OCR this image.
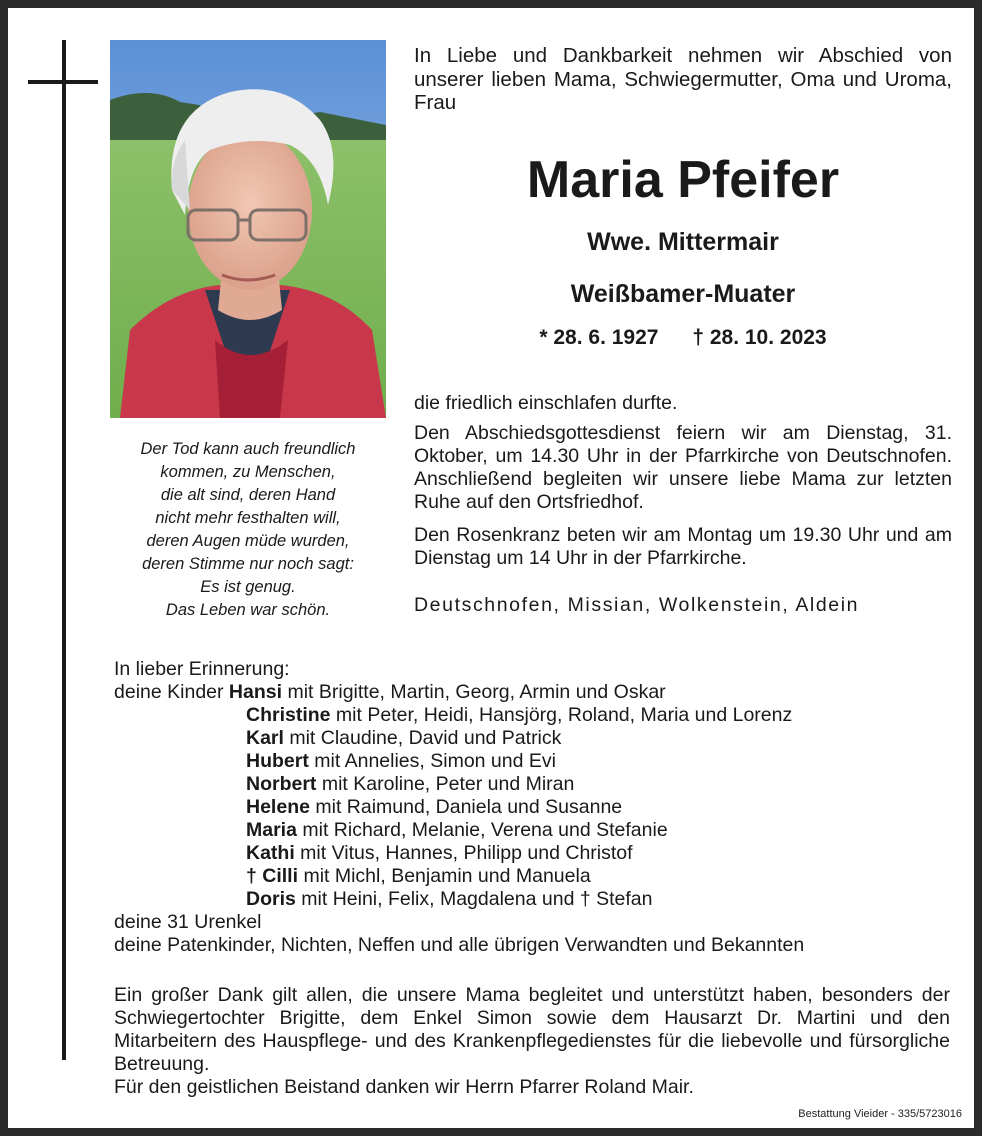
Der Tod kann auch freundlich
kommen, zu Menschen,
die alt sind, deren Hand
nicht mehr festhalten will,
deren Augen müde wurden,
deren Stimme nur noch sagt:
Es ist genug.
Das Leben war schön.
In Liebe und Dankbarkeit nehmen wir Abschied von unserer lieben Mama, Schwiegermutter, Oma und Uroma, Frau
Maria Pfeifer
Wwe. Mittermair
Weißbamer-Muater
* 28. 6. 1927 † 28. 10. 2023
die friedlich einschlafen durfte.
Den Abschiedsgottesdienst feiern wir am Dienstag, 31. Oktober, um 14.30 Uhr in der Pfarrkirche von Deutschnofen. Anschließend begleiten wir unsere liebe Mama zur letzten Ruhe auf den Ortsfriedhof.
Den Rosenkranz beten wir am Montag um 19.30 Uhr und am Dienstag um 14 Uhr in der Pfarrkirche.
Deutschnofen, Missian, Wolkenstein, Aldein
In lieber Erinnerung:
deine Kinder Hansi mit Brigitte, Martin, Georg, Armin und Oskar
Christine mit Peter, Heidi, Hansjörg, Roland, Maria und Lorenz
Karl mit Claudine, David und Patrick
Hubert mit Annelies, Simon und Evi
Norbert mit Karoline, Peter und Miran
Helene mit Raimund, Daniela und Susanne
Maria mit Richard, Melanie, Verena und Stefanie
Kathi mit Vitus, Hannes, Philipp und Christof
† Cilli mit Michl, Benjamin und Manuela
Doris mit Heini, Felix, Magdalena und † Stefan
deine 31 Urenkel
deine Patenkinder, Nichten, Neffen und alle übrigen Verwandten und Bekannten
Ein großer Dank gilt allen, die unsere Mama begleitet und unterstützt haben, besonders der Schwiegertochter Brigitte, dem Enkel Simon sowie dem Hausarzt Dr. Martini und den Mitarbeitern des Hauspflege- und des Krankenpflegedienstes für die liebevolle und fürsorgliche Betreuung.
Für den geistlichen Beistand danken wir Herrn Pfarrer Roland Mair.
Bestattung Vieider - 335/5723016
